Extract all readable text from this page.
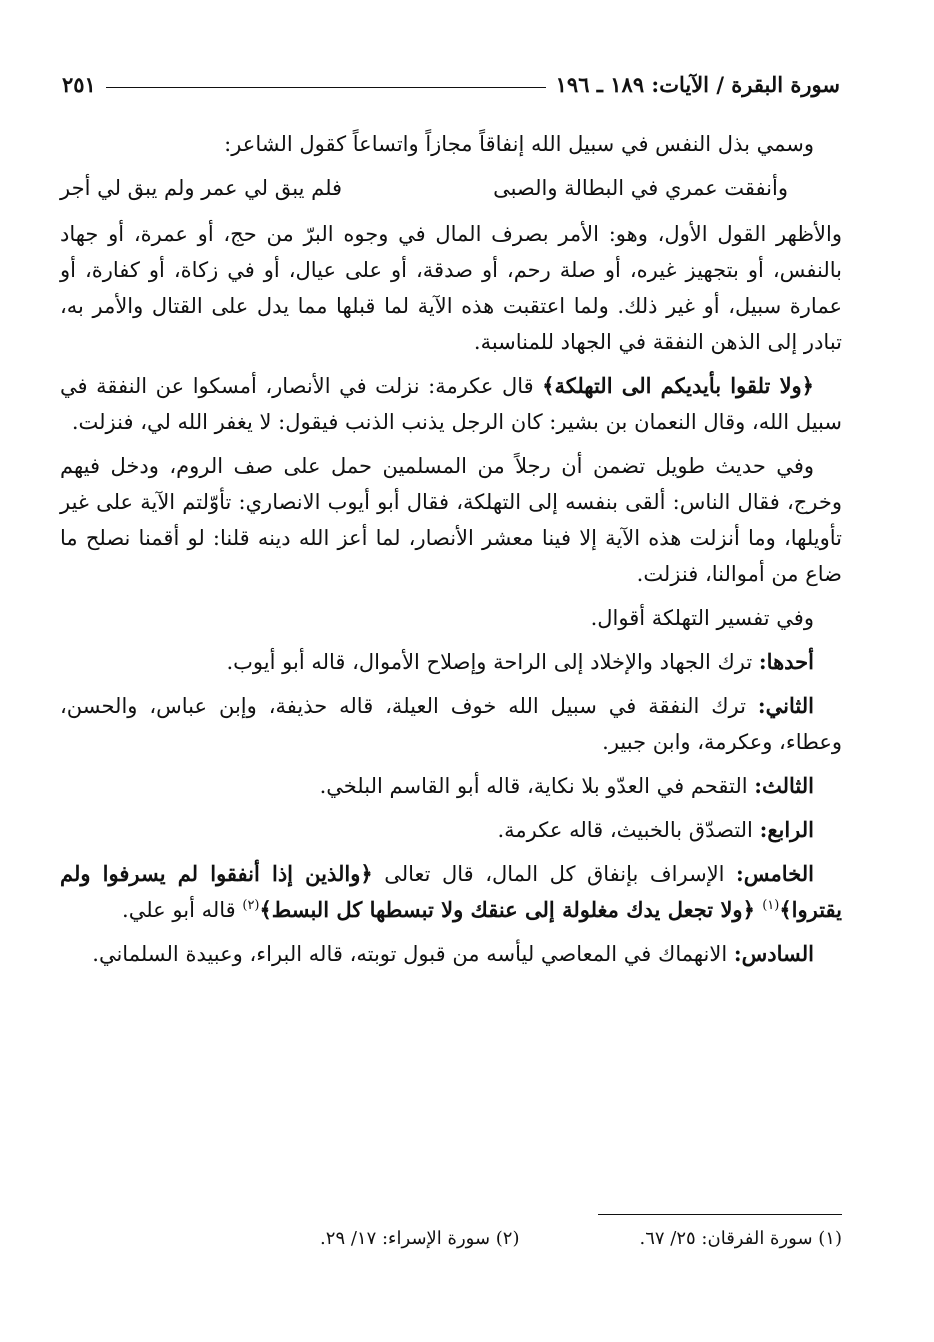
سورة البقرة / الآيات: ١٨٩ ـ ١٩٦
٢٥١

وسمي بذل النفس في سبيل الله إنفاقاً مجازاً واتساعاً كقول الشاعر:

وأنفقت عمري في البطالة والصبى
فلم يبق لي عمر ولم يبق لي أجر

والأظهر القول الأول، وهو: الأمر بصرف المال في وجوه البرّ من حج، أو عمرة، أو جهاد بالنفس، أو بتجهيز غيره، أو صلة رحم، أو صدقة، أو على عيال، أو في زكاة، أو كفارة، أو عمارة سبيل، أو غير ذلك. ولما اعتقبت هذه الآية لما قبلها مما يدل على القتال والأمر به، تبادر إلى الذهن النفقة في الجهاد للمناسبة.

﴿ولا تلقوا بأيديكم الى التهلكة﴾ قال عكرمة: نزلت في الأنصار، أمسكوا عن النفقة في سبيل الله، وقال النعمان بن بشير: كان الرجل يذنب الذنب فيقول: لا يغفر الله لي، فنزلت.

وفي حديث طويل تضمن أن رجلاً من المسلمين حمل على صف الروم، ودخل فيهم وخرج، فقال الناس: ألقى بنفسه إلى التهلكة، فقال أبو أيوب الانصاري: تأوّلتم الآية على غير تأويلها، وما أنزلت هذه الآية إلا فينا معشر الأنصار، لما أعز الله دينه قلنا: لو أقمنا نصلح ما ضاع من أموالنا، فنزلت.

وفي تفسير التهلكة أقوال.

أحدها: ترك الجهاد والإخلاد إلى الراحة وإصلاح الأموال، قاله أبو أيوب.

الثاني: ترك النفقة في سبيل الله خوف العيلة، قاله حذيفة، وإبن عباس، والحسن، وعطاء، وعكرمة، وابن جبير.

الثالث: التقحم في العدّو بلا نكاية، قاله أبو القاسم البلخي.

الرابع: التصدّق بالخبيث، قاله عكرمة.

الخامس: الإسراف بإنفاق كل المال، قال تعالى ﴿والذين إذا أنفقوا لم يسرفوا ولم يقتروا﴾$^{(١)}$ ﴿ولا تجعل يدك مغلولة إلى عنقك ولا تبسطها كل البسط﴾$^{(٢)}$ قاله أبو علي.

السادس: الانهماك في المعاصي ليأسه من قبول توبته، قاله البراء، وعبيدة السلماني.

(١) سورة الفرقان: ٢٥/ ٦٧.
(٢) سورة الإسراء: ١٧/ ٢٩.
